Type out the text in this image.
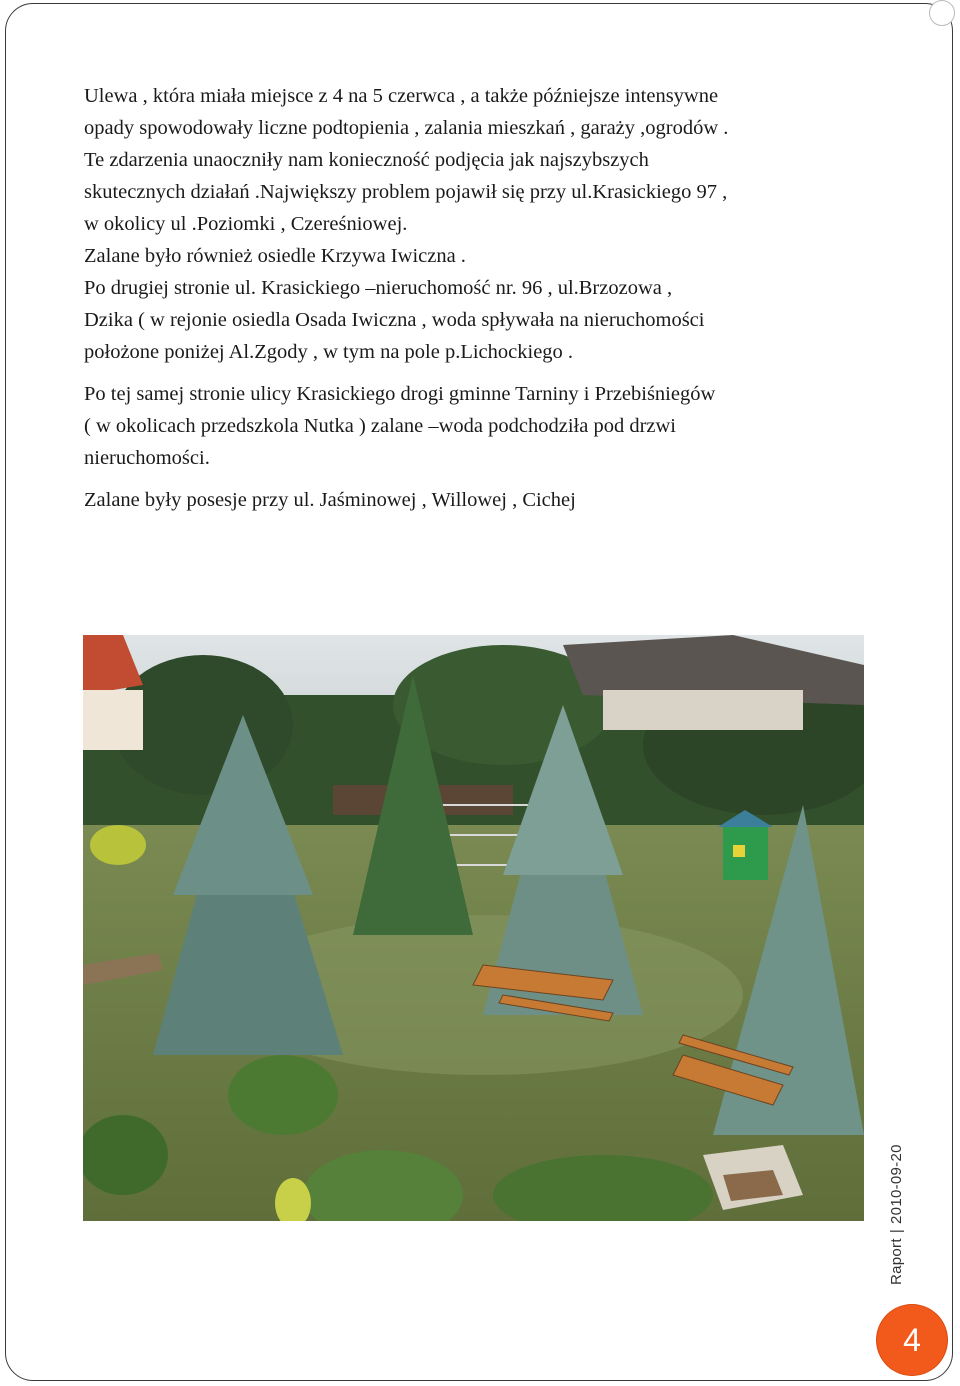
Ulewa , która miała miejsce z 4 na 5 czerwca , a także późniejsze intensywne
opady spowodowały liczne podtopienia , zalania mieszkań , garaży ,ogrodów .
Te zdarzenia unaoczniły nam konieczność podjęcia jak najszybszych
skutecznych działań .Największy problem pojawił się przy ul.Krasickiego 97 ,
w okolicy ul .Poziomki , Czereśniowej.
Zalane było również osiedle Krzywa Iwiczna .
Po drugiej stronie ul. Krasickiego –nieruchomość nr. 96 , ul.Brzozowa ,
Dzika ( w rejonie osiedla Osada Iwiczna , woda spływała na nieruchomości
położone poniżej Al.Zgody , w tym na pole p.Lichockiego .

Po tej samej stronie ulicy Krasickiego drogi gminne Tarniny i Przebiśniegów
( w okolicach przedszkola Nutka ) zalane –woda podchodziła pod drzwi
nieruchomości.

Zalane były posesje przy ul. Jaśminowej , Willowej , Cichej

Raport|2010-09-20
4
